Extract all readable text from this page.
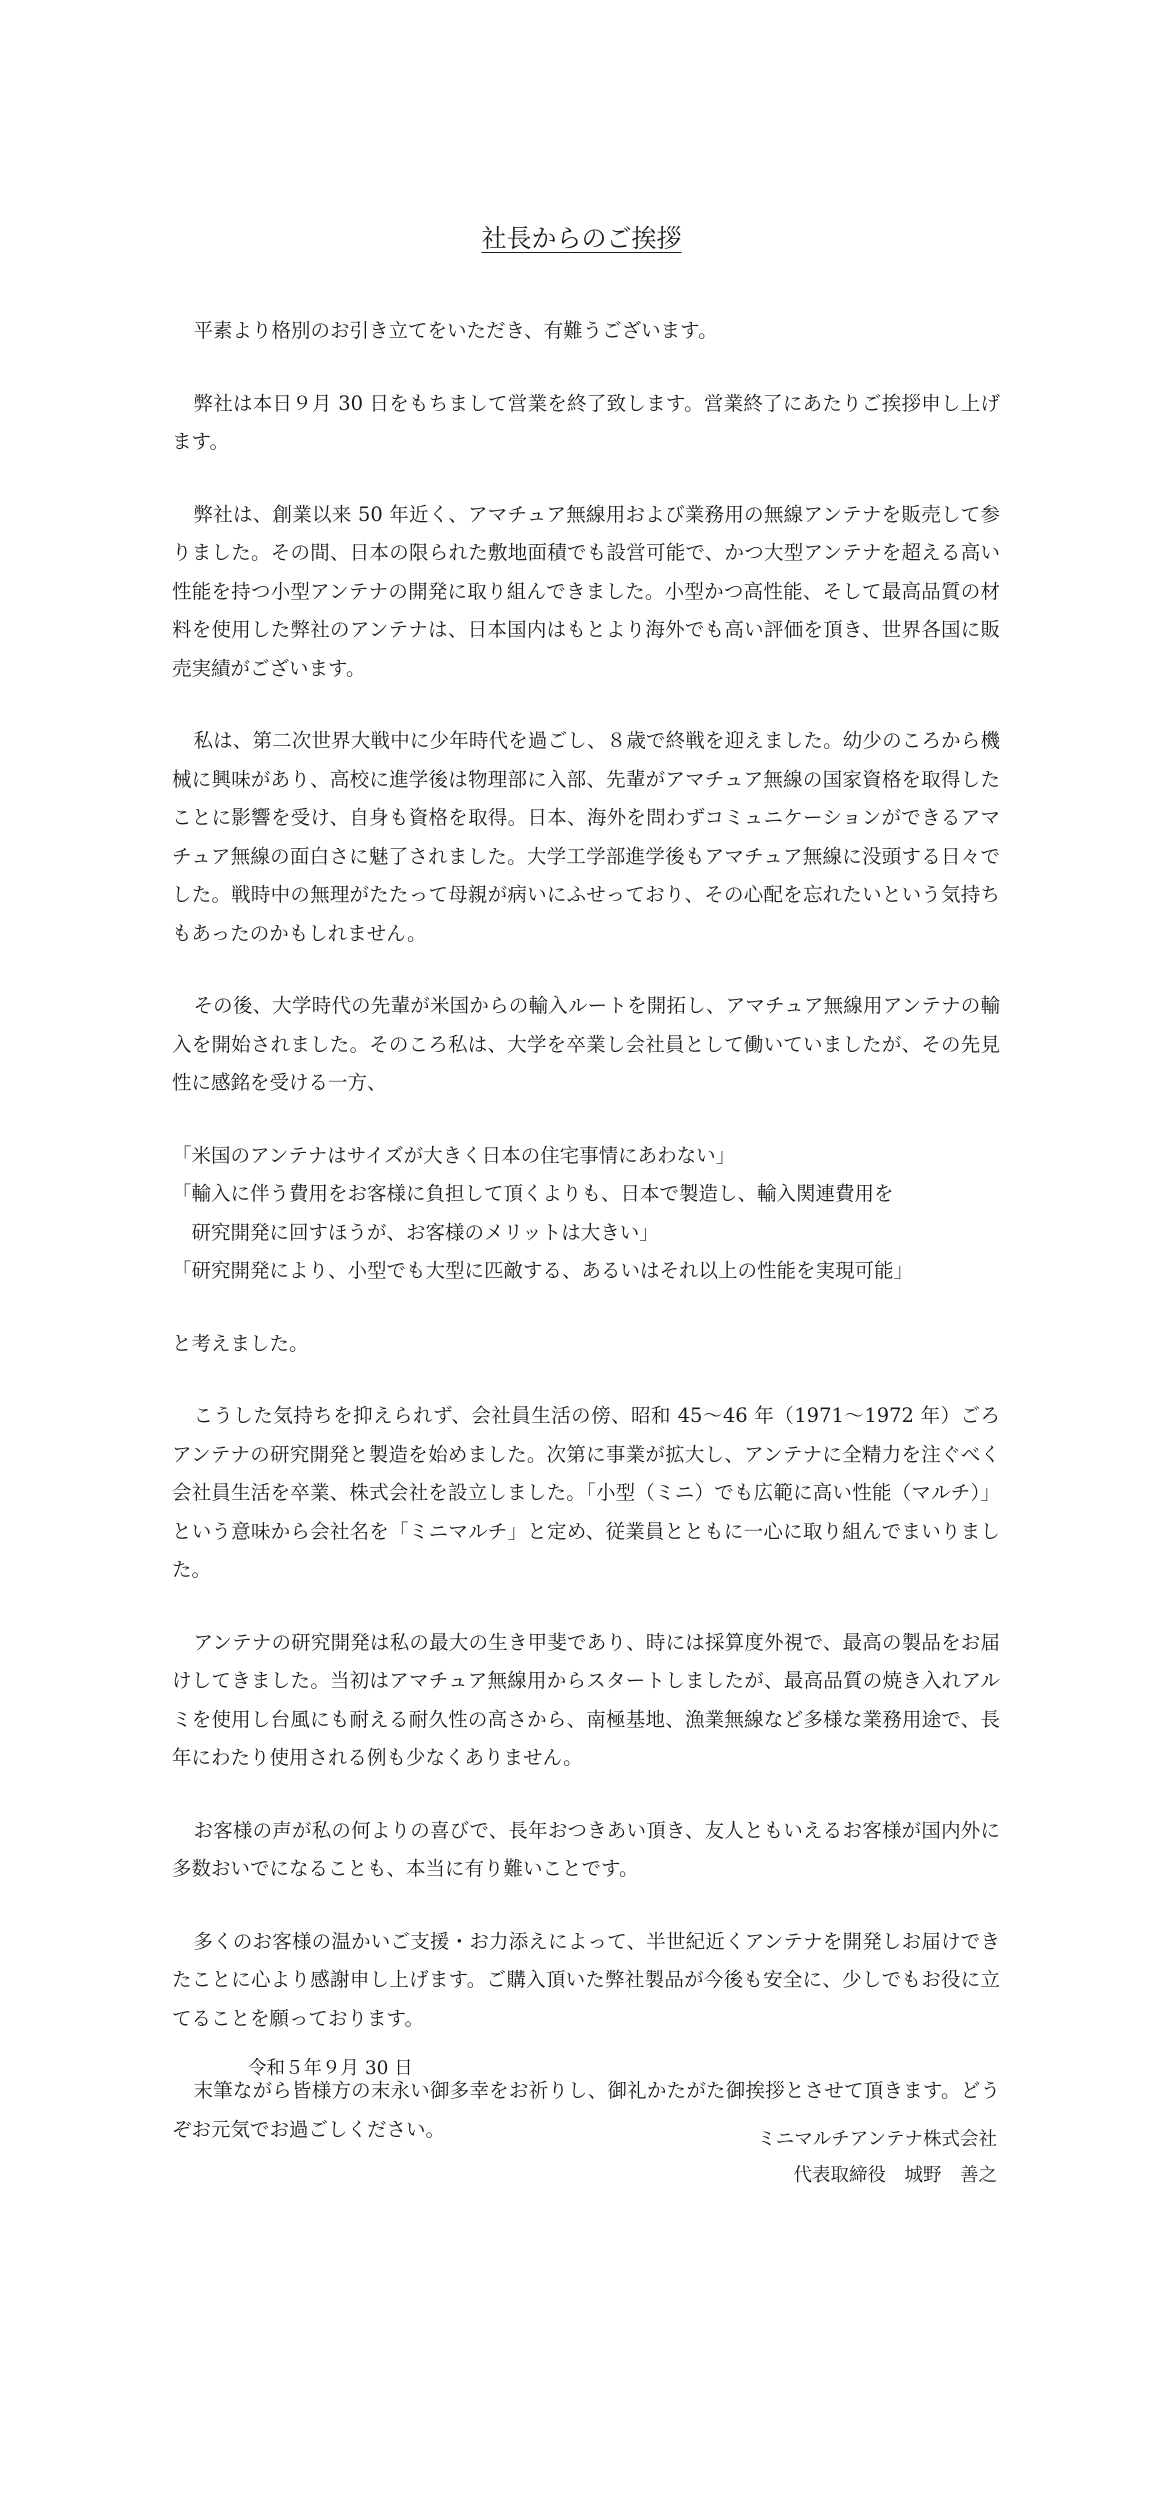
社長からのご挨拶

平素より格別のお引き立てをいただき、有難うございます。

弊社は本日９月 30 日をもちまして営業を終了致します。営業終了にあたりご挨拶申し上げます。

弊社は、創業以来 50 年近く、アマチュア無線用および業務用の無線アンテナを販売して参りました。その間、日本の限られた敷地面積でも設営可能で、かつ大型アンテナを超える高い性能を持つ小型アンテナの開発に取り組んできました。小型かつ高性能、そして最高品質の材料を使用した弊社のアンテナは、日本国内はもとより海外でも高い評価を頂き、世界各国に販売実績がございます。

私は、第二次世界大戦中に少年時代を過ごし、８歳で終戦を迎えました。幼少のころから機械に興味があり、高校に進学後は物理部に入部、先輩がアマチュア無線の国家資格を取得したことに影響を受け、自身も資格を取得。日本、海外を問わずコミュニケーションができるアマチュア無線の面白さに魅了されました。大学工学部進学後もアマチュア無線に没頭する日々でした。戦時中の無理がたたって母親が病いにふせっており、その心配を忘れたいという気持ちもあったのかもしれません。

その後、大学時代の先輩が米国からの輸入ルートを開拓し、アマチュア無線用アンテナの輸入を開始されました。そのころ私は、大学を卒業し会社員として働いていましたが、その先見性に感銘を受ける一方、

「米国のアンテナはサイズが大きく日本の住宅事情にあわない」

「輸入に伴う費用をお客様に負担して頂くよりも、日本で製造し、輸入関連費用を
　研究開発に回すほうが、お客様のメリットは大きい」

「研究開発により、小型でも大型に匹敵する、あるいはそれ以上の性能を実現可能」

と考えました。

こうした気持ちを抑えられず、会社員生活の傍、昭和 45〜46 年（1971〜1972 年）ごろアンテナの研究開発と製造を始めました。次第に事業が拡大し、アンテナに全精力を注ぐべく会社員生活を卒業、株式会社を設立しました。「小型（ミニ）でも広範に高い性能（マルチ）」という意味から会社名を「ミニマルチ」と定め、従業員とともに一心に取り組んでまいりました。

アンテナの研究開発は私の最大の生き甲斐であり、時には採算度外視で、最高の製品をお届けしてきました。当初はアマチュア無線用からスタートしましたが、最高品質の焼き入れアルミを使用し台風にも耐える耐久性の高さから、南極基地、漁業無線など多様な業務用途で、長年にわたり使用される例も少なくありません。

お客様の声が私の何よりの喜びで、長年おつきあい頂き、友人ともいえるお客様が国内外に多数おいでになることも、本当に有り難いことです。

多くのお客様の温かいご支援・お力添えによって、半世紀近くアンテナを開発しお届けできたことに心より感謝申し上げます。ご購入頂いた弊社製品が今後も安全に、少しでもお役に立てることを願っております。

末筆ながら皆様方の末永い御多幸をお祈りし、御礼かたがた御挨拶とさせて頂きます。どうぞお元気でお過ごしください。

令和５年９月 30 日

ミニマルチアンテナ株式会社

代表取締役　城野　善之
